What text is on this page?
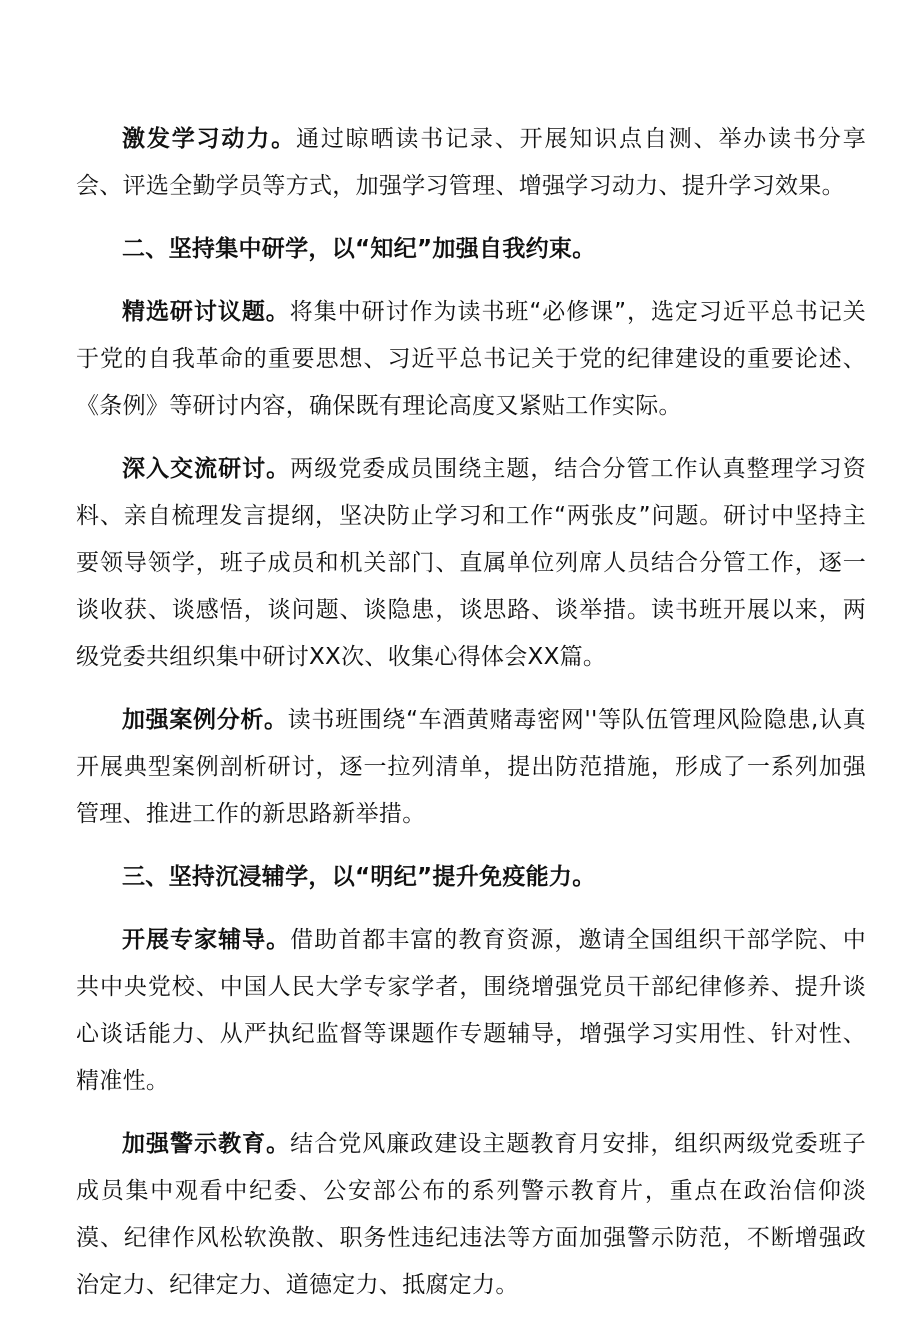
激发学习动力。通过晾晒读书记录、开展知识点自测、举办读书分享会、评选全勤学员等方式，加强学习管理、增强学习动力、提升学习效果。

二、坚持集中研学，以“知纪”加强自我约束。

精选研讨议题。将集中研讨作为读书班“必修课”，选定习近平总书记关于党的自我革命的重要思想、习近平总书记关于党的纪律建设的重要论述、《条例》等研讨内容，确保既有理论高度又紧贴工作实际。

深入交流研讨。两级党委成员围绕主题，结合分管工作认真整理学习资料、亲自梳理发言提纲，坚决防止学习和工作“两张皮”问题。研讨中坚持主要领导领学，班子成员和机关部门、直属单位列席人员结合分管工作，逐一谈收获、谈感悟，谈问题、谈隐患，谈思路、谈举措。读书班开展以来，两级党委共组织集中研讨XX次、收集心得体会XX篇。

加强案例分析。读书班围绕“车酒黄赌毒密网''等队伍管理风险隐患,认真开展典型案例剖析研讨，逐一拉列清单，提出防范措施，形成了一系列加强管理、推进工作的新思路新举措。

三、坚持沉浸辅学，以“明纪”提升免疫能力。

开展专家辅导。借助首都丰富的教育资源，邀请全国组织干部学院、中共中央党校、中国人民大学专家学者，围绕增强党员干部纪律修养、提升谈心谈话能力、从严执纪监督等课题作专题辅导，增强学习实用性、针对性、精准性。

加强警示教育。结合党风廉政建设主题教育月安排，组织两级党委班子成员集中观看中纪委、公安部公布的系列警示教育片，重点在政治信仰淡漠、纪律作风松软涣散、职务性违纪违法等方面加强警示防范，不断增强政治定力、纪律定力、道德定力、抵腐定力。
